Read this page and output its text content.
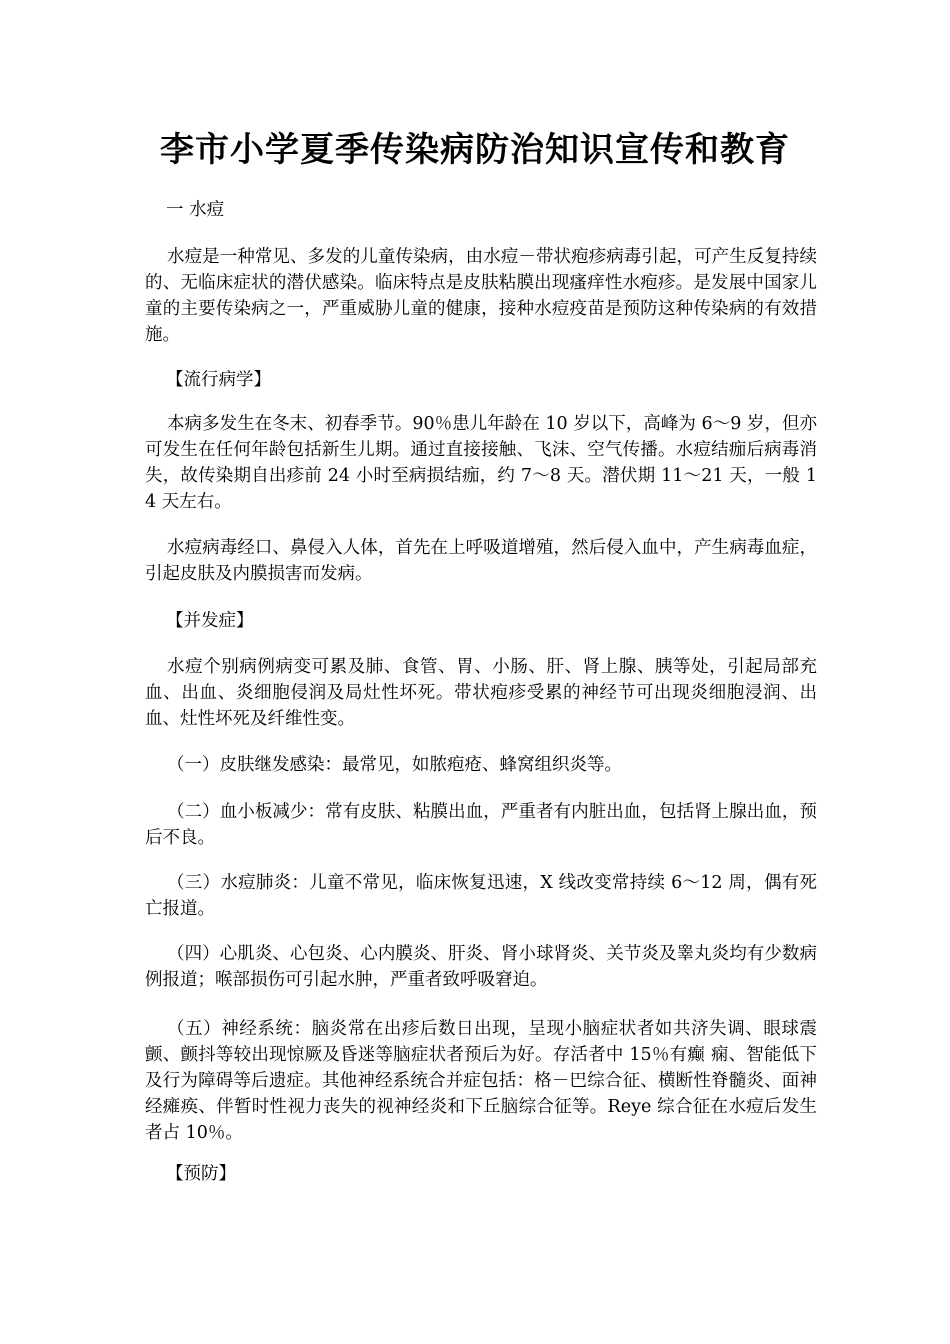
李市小学夏季传染病防治知识宣传和教育
一 水痘
水痘是一种常见、多发的儿童传染病，由水痘－带状疱疹病毒引起，可产生反复持续的、无临床症状的潜伏感染。临床特点是皮肤粘膜出现瘙痒性水疱疹。是发展中国家儿童的主要传染病之一，严重威胁儿童的健康，接种水痘疫苗是预防这种传染病的有效措施。
【流行病学】
本病多发生在冬末、初春季节。90％患儿年龄在 10 岁以下，高峰为 6～9 岁，但亦可发生在任何年龄包括新生儿期。通过直接接触、飞沫、空气传播。水痘结痂后病毒消失，故传染期自出疹前 24 小时至病损结痂，约 7～8 天。潜伏期 11～21 天，一般 14 天左右。
水痘病毒经口、鼻侵入人体，首先在上呼吸道增殖，然后侵入血中，产生病毒血症，引起皮肤及内膜损害而发病。
【并发症】
水痘个别病例病变可累及肺、食管、胃、小肠、肝、肾上腺、胰等处，引起局部充血、出血、炎细胞侵润及局灶性坏死。带状疱疹受累的神经节可出现炎细胞浸润、出血、灶性坏死及纤维性变。
（一）皮肤继发感染：最常见，如脓疱疮、蜂窝组织炎等。
（二）血小板减少：常有皮肤、粘膜出血，严重者有内脏出血，包括肾上腺出血，预后不良。
（三）水痘肺炎：儿童不常见，临床恢复迅速，X 线改变常持续 6～12 周，偶有死亡报道。
（四）心肌炎、心包炎、心内膜炎、肝炎、肾小球肾炎、关节炎及睾丸炎均有少数病例报道；喉部损伤可引起水肿，严重者致呼吸窘迫。
（五）神经系统：脑炎常在出疹后数日出现，呈现小脑症状者如共济失调、眼球震颤、颤抖等较出现惊厥及昏迷等脑症状者预后为好。存活者中 15％有癫 痫、智能低下及行为障碍等后遗症。其他神经系统合并症包括：格－巴综合征、横断性脊髓炎、面神经瘫痪、伴暂时性视力丧失的视神经炎和下丘脑综合征等。Reye 综合征在水痘后发生者占 10％。
【预防】
